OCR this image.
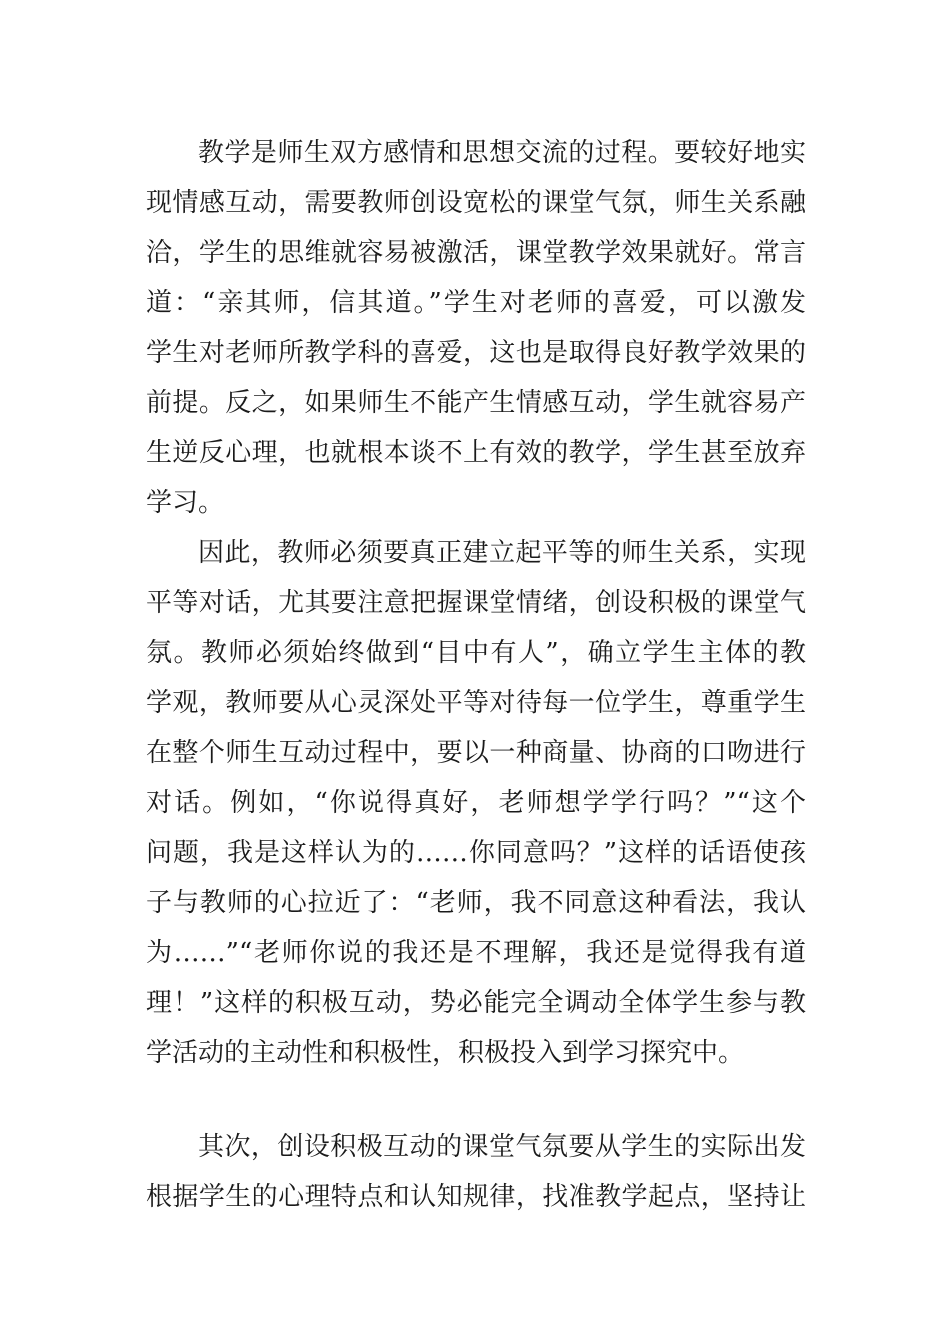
教学是师生双方感情和思想交流的过程。要较好地实
现情感互动，需要教师创设宽松的课堂气氛，师生关系融
洽，学生的思维就容易被激活，课堂教学效果就好。常言
道：“亲其师，信其道。”学生对老师的喜爱，可以激发
学生对老师所教学科的喜爱，这也是取得良好教学效果的
前提。反之，如果师生不能产生情感互动，学生就容易产
生逆反心理，也就根本谈不上有效的教学，学生甚至放弃
学习。
因此，教师必须要真正建立起平等的师生关系，实现
平等对话，尤其要注意把握课堂情绪，创设积极的课堂气
氛。教师必须始终做到“目中有人”，确立学生主体的教
学观，教师要从心灵深处平等对待每一位学生，尊重学生
在整个师生互动过程中，要以一种商量、协商的口吻进行
对话。例如，“你说得真好，老师想学学行吗？”“这个
问题，我是这样认为的……你同意吗？”这样的话语使孩
子与教师的心拉近了：“老师，我不同意这种看法，我认
为……”“老师你说的我还是不理解，我还是觉得我有道
理！”这样的积极互动，势必能完全调动全体学生参与教
学活动的主动性和积极性，积极投入到学习探究中。
其次，创设积极互动的课堂气氛要从学生的实际出发
根据学生的心理特点和认知规律，找准教学起点，坚持让
